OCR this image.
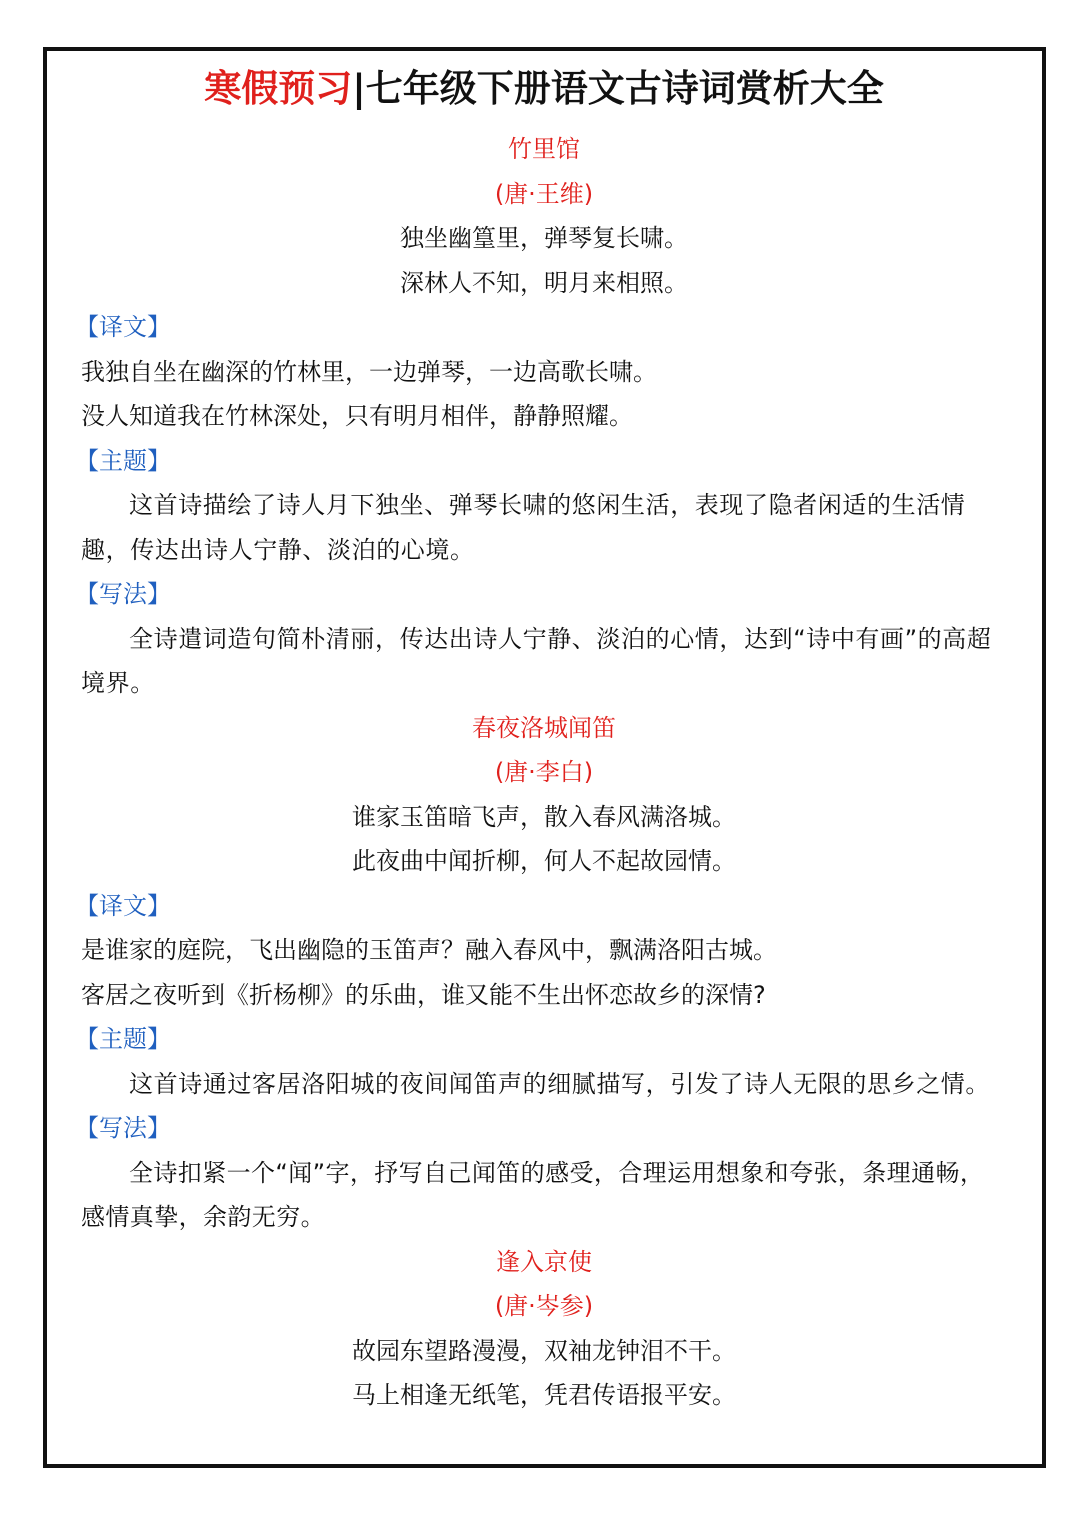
寒假预习|七年级下册语文古诗词赏析大全
竹里馆
(唐·王维)
独坐幽篁里，弹琴复长啸。
深林人不知，明月来相照。
【译文】
我独自坐在幽深的竹林里，一边弹琴，一边高歌长啸。
没人知道我在竹林深处，只有明月相伴，静静照耀。
【主题】

这首诗描绘了诗人月下独坐、弹琴长啸的悠闲生活，表现了隐者闲适的生活情趣，传达出诗人宁静、淡泊的心境。

【写法】

全诗遣词造句简朴清丽，传达出诗人宁静、淡泊的心情，达到“诗中有画”的高超境界。

春夜洛城闻笛
(唐·李白)
谁家玉笛暗飞声，散入春风满洛城。
此夜曲中闻折柳，何人不起故园情。
【译文】
是谁家的庭院，飞出幽隐的玉笛声？融入春风中，飘满洛阳古城。
客居之夜听到《折杨柳》的乐曲，谁又能不生出怀恋故乡的深情?
【主题】

这首诗通过客居洛阳城的夜间闻笛声的细腻描写，引发了诗人无限的思乡之情。

【写法】

全诗扣紧一个“闻”字，抒写自己闻笛的感受，合理运用想象和夸张，条理通畅，感情真挚，余韵无穷。

逢入京使
(唐·岑参)
故园东望路漫漫，双袖龙钟泪不干。
马上相逢无纸笔，凭君传语报平安。
